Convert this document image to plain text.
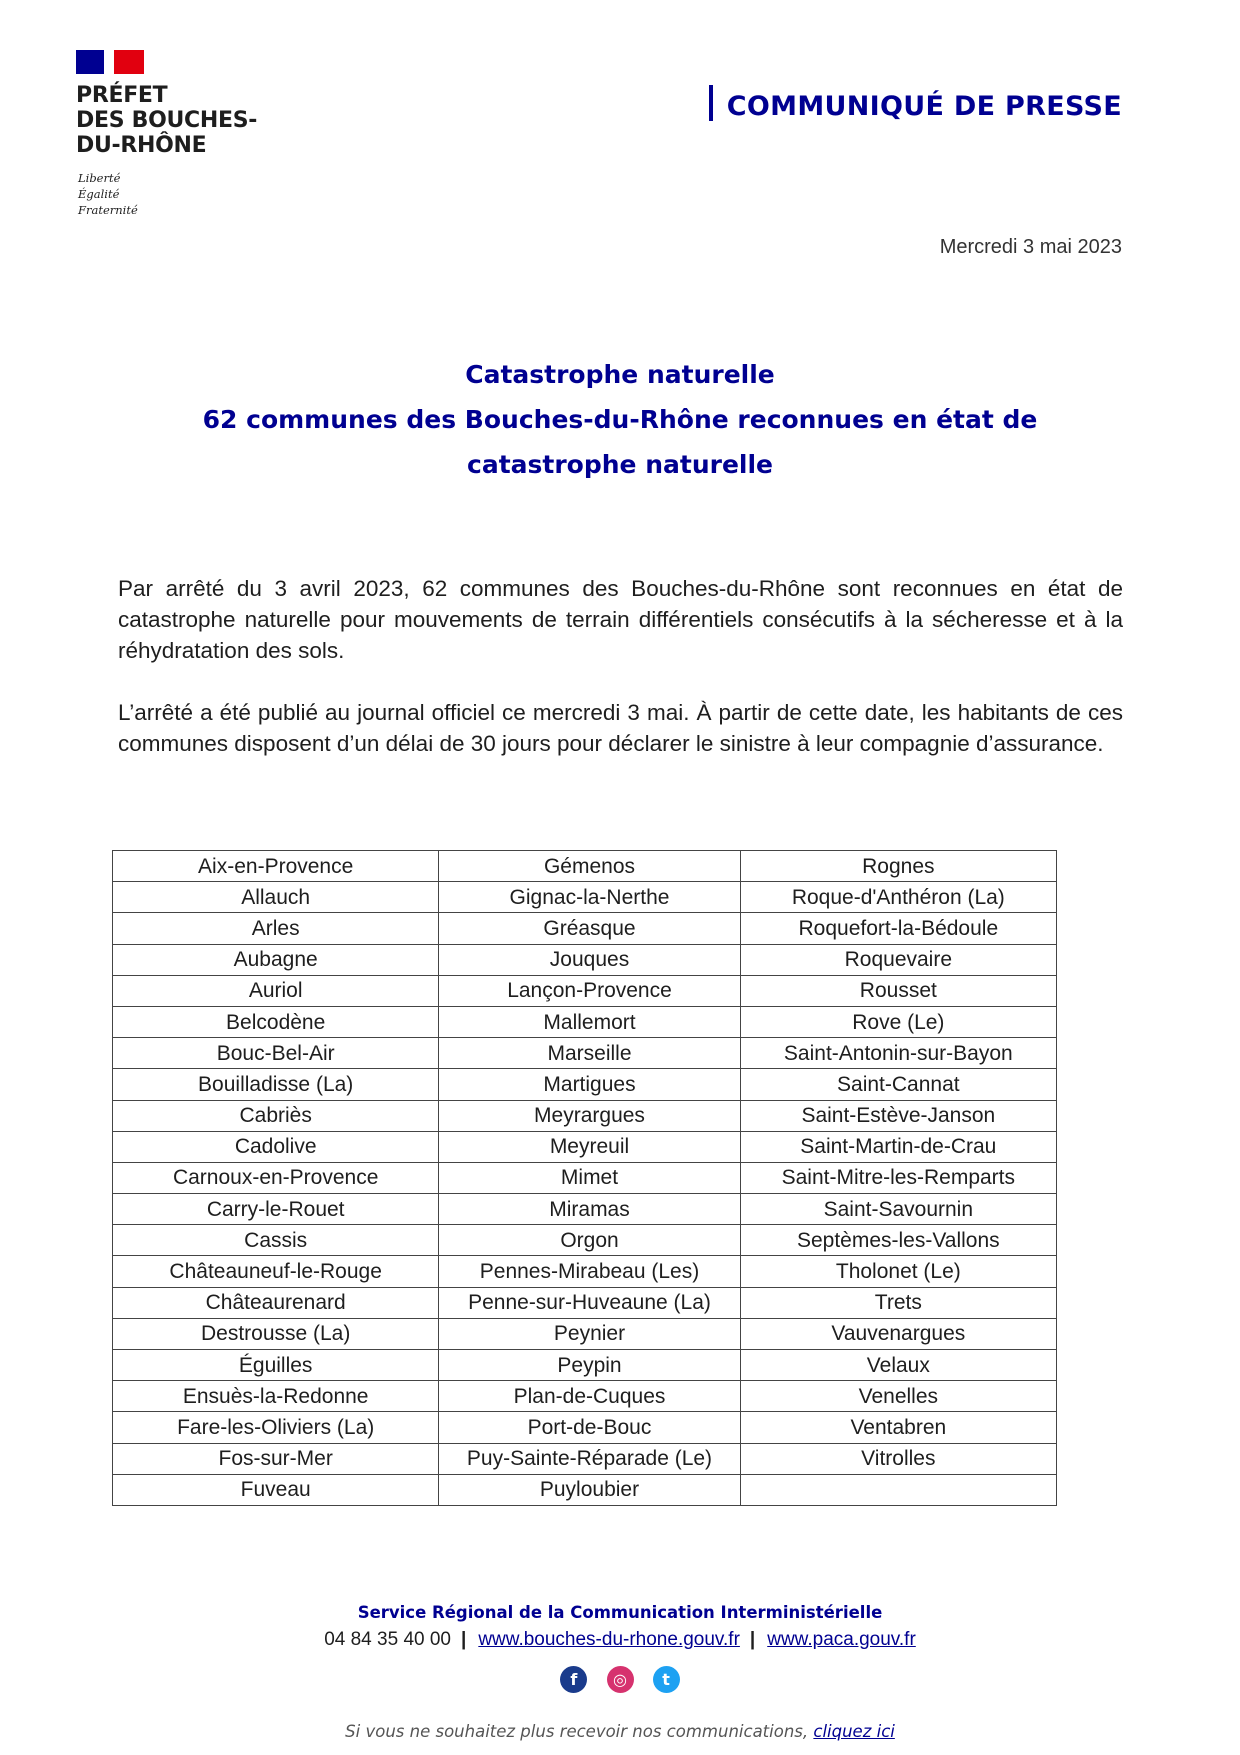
PRÉFET
DES BOUCHES-
DU-RHÔNE
Liberté
Égalité
Fraternité
COMMUNIQUÉ DE PRESSE
Mercredi 3 mai 2023
Catastrophe naturelle
62 communes des Bouches-du-Rhône reconnues en état de
catastrophe naturelle

Par arrêté du 3 avril 2023, 62 communes des Bouches-du-Rhône sont reconnues en état de catastrophe naturelle pour mouvements de terrain différentiels consécutifs à la sécheresse et à la réhydratation des sols.

L’arrêté a été publié au journal officiel ce mercredi 3 mai. À partir de cette date, les habitants de ces communes disposent d’un délai de 30 jours pour déclarer le sinistre à leur compagnie d’assurance.

Aix-en-Provence	Gémenos	Rognes
Allauch	Gignac-la-Nerthe	Roque-d'Anthéron (La)
Arles	Gréasque	Roquefort-la-Bédoule
Aubagne	Jouques	Roquevaire
Auriol	Lançon-Provence	Rousset
Belcodène	Mallemort	Rove (Le)
Bouc-Bel-Air	Marseille	Saint-Antonin-sur-Bayon
Bouilladisse (La)	Martigues	Saint-Cannat
Cabriès	Meyrargues	Saint-Estève-Janson
Cadolive	Meyreuil	Saint-Martin-de-Crau
Carnoux-en-Provence	Mimet	Saint-Mitre-les-Remparts
Carry-le-Rouet	Miramas	Saint-Savournin
Cassis	Orgon	Septèmes-les-Vallons
Châteauneuf-le-Rouge	Pennes-Mirabeau (Les)	Tholonet (Le)
Châteaurenard	Penne-sur-Huveaune (La)	Trets
Destrousse (La)	Peynier	Vauvenargues
Éguilles	Peypin	Velaux
Ensuès-la-Redonne	Plan-de-Cuques	Venelles
Fare-les-Oliviers (La)	Port-de-Bouc	Ventabren
Fos-sur-Mer	Puy-Sainte-Réparade (Le)	Vitrolles
Fuveau	Puyloubier	
Service Régional de la Communication Interministérielle
04 84 35 40 00 | www.bouches-du-rhone.gouv.fr | www.paca.gouv.fr
f ◎ t
Si vous ne souhaitez plus recevoir nos communications, cliquez ici
